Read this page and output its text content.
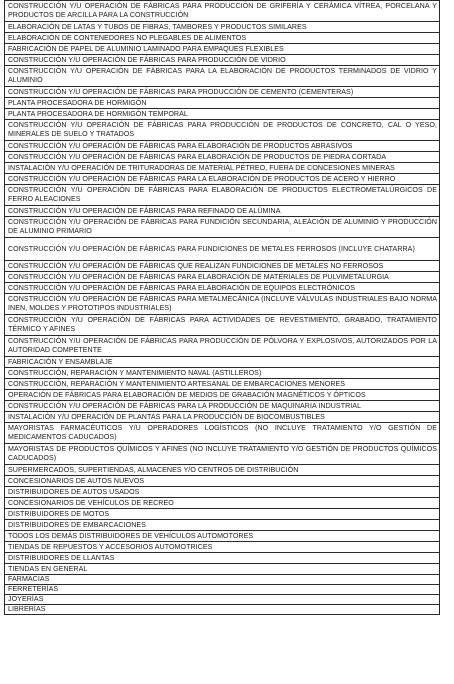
CONSTRUCCIÓN Y/U OPERACIÓN DE FÁBRICAS PARA PRODUCCIÓN DE GRIFERÍA Y CERÁMICA VÍTREA, PORCELANA Y PRODUCTOS DE ARCILLA PARA LA CONSTRUCCIÓN
ELABORACIÓN DE LATAS Y TUBOS DE FIBRAS, TAMBORES Y PRODUCTOS SIMILARES
ELABORACIÓN DE CONTENEDORES NO PLEGABLES DE ALIMENTOS
FABRICACIÓN DE PAPEL DE ALUMINIO LAMINADO PARA EMPAQUES FLEXIBLES
CONSTRUCCIÓN Y/U OPERACIÓN DE FÁBRICAS PARA PRODUCCIÓN DE VIDRIO
CONSTRUCCIÓN Y/U OPERACIÓN DE FÁBRICAS PARA LA ELABORACIÓN DE PRODUCTOS TERMINADOS DE VIDRIO Y ALUMINIO
CONSTRUCCIÓN Y/U OPERACIÓN DE FÁBRICAS PARA PRODUCCIÓN DE CEMENTO (CEMENTERAS)
PLANTA PROCESADORA DE HORMIGÓN
PLANTA PROCESADORA DE HORMIGÓN TEMPORAL
CONSTRUCCIÓN Y/U OPERACIÓN DE FÁBRICAS PARA PRODUCCIÓN DE PRODUCTOS DE CONCRETO, CAL O YESO, MINERALES DE SUELO Y TRATADOS
CONSTRUCCIÓN Y/U OPERACIÓN DE FÁBRICAS PARA ELABORACIÓN DE PRODUCTOS ABRASIVOS
CONSTRUCCIÓN Y/U OPERACIÓN DE FÁBRICAS PARA ELABORACIÓN DE PRODUCTOS DE PIEDRA CORTADA
INSTALACIÓN Y/U OPERACIÓN DE TRITURADORAS DE MATERIAL PÉTREO, FUERA DE CONCESIONES MINERAS
CONSTRUCCIÓN Y/U OPERACIÓN DE FÁBRICAS PARA LA ELABORACIÓN DE PRODUCTOS DE ACERO Y HIERRO
CONSTRUCCIÓN Y/U OPERACIÓN DE FÁBRICAS PARA ELABORACIÓN DE PRODUCTOS ELECTROMETALÚRGICOS DE FERRO ALEACIONES
CONSTRUCCIÓN Y/U OPERACIÓN DE FÁBRICAS PARA REFINADO DE ALÚMINA
CONSTRUCCIÓN Y/U OPERACIÓN DE FÁBRICAS PARA FUNDICIÓN SECUNDARIA, ALEACIÓN DE ALUMINIO Y PRODUCCIÓN DE ALUMINIO PRIMARIO
CONSTRUCCIÓN Y/U OPERACIÓN DE FÁBRICAS PARA FUNDICIONES DE METALES FERROSOS (INCLUYE CHATARRA)
CONSTRUCCIÓN Y/U OPERACIÓN DE FÁBRICAS QUE REALIZAN FUNDICIONES DE METALES NO FERROSOS
CONSTRUCCIÓN Y/U OPERACIÓN DE FÁBRICAS PARA ELABORACIÓN DE MATERIALES DE PULVIMETALURGIA
CONSTRUCCIÓN Y/U OPERACIÓN DE FÁBRICAS PARA ELABORACIÓN DE EQUIPOS ELECTRÓNICOS
CONSTRUCCIÓN Y/U OPERACIÓN DE FÁBRICAS PARA METALMECÁNICA (INCLUYE VÁLVULAS INDUSTRIALES BAJO NORMA INEN, MOLDES Y PROTOTIPOS INDUSTRIALES)
CONSTRUCCIÓN Y/U OPERACIÓN DE FÁBRICAS PARA ACTIVIDADES DE REVESTIMIENTO, GRABADO, TRATAMIENTO TÉRMICO Y AFINES
CONSTRUCCIÓN Y/U OPERACIÓN DE FÁBRICAS PARA PRODUCCIÓN DE PÓLVORA Y EXPLOSIVOS, AUTORIZADOS POR LA AUTORIDAD COMPETENTE
FABRICACIÓN Y ENSAMBLAJE
CONSTRUCCIÓN, REPARACIÓN Y MANTENIMIENTO NAVAL (ASTILLEROS)
CONSTRUCCIÓN, REPARACIÓN Y MANTENIMIENTO ARTESANAL DE EMBARCACIONES MENORES
OPERACIÓN DE FÁBRICAS PARA ELABORACIÓN DE MEDIOS DE GRABACIÓN MAGNÉTICOS Y ÓPTICOS
CONSTRUCCIÓN Y/U OPERACIÓN DE FÁBRICAS PARA LA PRODUCCIÓN DE MAQUINARIA INDUSTRIAL
INSTALACIÓN Y/U OPERACIÓN DE PLANTAS PARA LA PRODUCCIÓN DE BIOCOMBUSTIBLES
MAYORISTAS FARMACÉUTICOS Y/U OPERADORES LOGÍSTICOS (NO INCLUYE TRATAMIENTO Y/O GESTIÓN DE MEDICAMENTOS CADUCADOS)
MAYORISTAS DE PRODUCTOS QUÍMICOS Y AFINES (NO INCLUYE TRATAMIENTO Y/O GESTIÓN DE PRODUCTOS QUÍMICOS CADUCADOS)
SUPERMERCADOS, SUPERTIENDAS, ALMACENES Y/O CENTROS DE DISTRIBUCIÓN
CONCESIONARIOS DE AUTOS NUEVOS
DISTRIBUIDORES DE AUTOS USADOS
CONCESIONARIOS DE VEHÍCULOS DE RECREO
DISTRIBUIDORES DE MOTOS
DISTRIBUIDORES DE EMBARCACIONES
TODOS LOS DEMÁS DISTRIBUIDORES DE VEHÍCULOS AUTOMOTORES
TIENDAS DE REPUESTOS Y ACCESORIOS AUTOMOTRICES
DISTRIBUIDORES DE LLANTAS
TIENDAS EN GENERAL
FARMACIAS
FERRETERÍAS
JOYERÍAS
LIBRERÍAS
